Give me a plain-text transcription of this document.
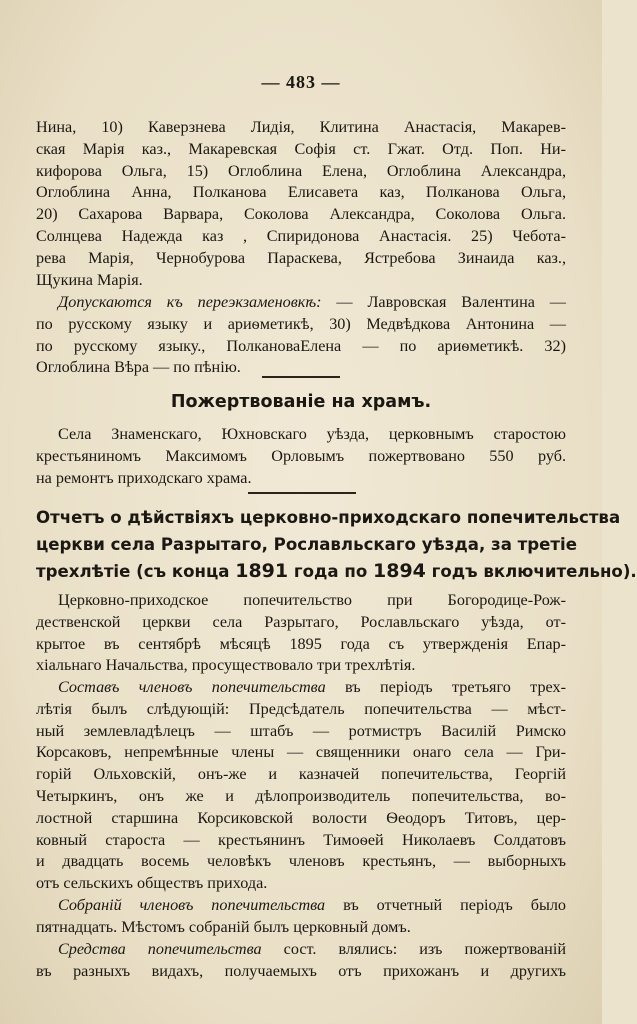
— 483 —
Нина, 10) Каверзнева Лидія, Клитина Анастасія, Макарев-
ская Марія каз., Макаревская Софія ст. Гжат. Отд. Поп. Ни-
кифорова Ольга, 15) Оглоблина Елена, Оглоблина Александра,
Оглоблина Анна, Полканова Елисавета каз, Полканова Ольга,
20) Сахарова Варвара, Соколова Александра, Соколова Ольга.
Солнцева Надежда каз , Спиридонова Анастасія. 25) Чебота-
рева Марія, Чернобурова Параскева, Ястребова Зинаида каз.,
Щукина Марія.
Допускаются къ переэкзаменовкѣ: — Лавровская Валентина —
по русскому языку и ариѳметикѣ, 30) Медвѣдкова Антонина —
по русскому языку., ПолкановаЕлена — по ариѳметикѣ. 32)
Оглоблина Вѣра — по пѣнію.
Пожертвованіе на храмъ.
Села Знаменскаго, Юхновскаго уѣзда, церковнымъ старостою
крестьяниномъ Максимомъ Орловымъ пожертвовано 550 руб.
на ремонтъ приходскаго храма.
Отчетъ о дѣйствіяхъ церковно-приходскаго попечительства
церкви села Разрытаго, Рославльскаго уѣзда, за третіе
трехлѣтіе (съ конца 1891 года по 1894 годъ включительно).
Церковно-приходское попечительство при Богородице-Рож-
дественской церкви села Разрытаго, Рославльскаго уѣзда, от-
крытое въ сентябрѣ мѣсяцѣ 1895 года съ утвержденія Епар-
хіальнаго Начальства, просуществовало три трехлѣтія.
Составъ членовъ попечительства въ періодъ третьяго трех-
лѣтія былъ слѣдующій: Предсѣдатель попечительства — мѣст-
ный землевладѣлецъ — штабъ — ротмистръ Василій Римско
Корсаковъ, непремѣнные члены — священники онаго села — Гри-
горій Ольховскій, онъ-же и казначей попечительства, Георгій
Четыркинъ, онъ же и дѣлопроизводитель попечительства, во-
лостной старшина Корсиковской волости Ѳеодоръ Титовъ, цер-
ковный староста — крестьянинъ Тимоѳей Николаевъ Солдатовъ
и двадцать восемь человѣкъ членовъ крестьянъ, — выборныхъ
отъ сельскихъ обществъ прихода.
Собраній членовъ попечительства въ отчетный періодъ было
пятнадцать. Мѣстомъ собраній былъ церковный домъ.
Средства попечительства сост. влялись: изъ пожертвованій
въ разныхъ видахъ, получаемыхъ отъ прихожанъ и другихъ
